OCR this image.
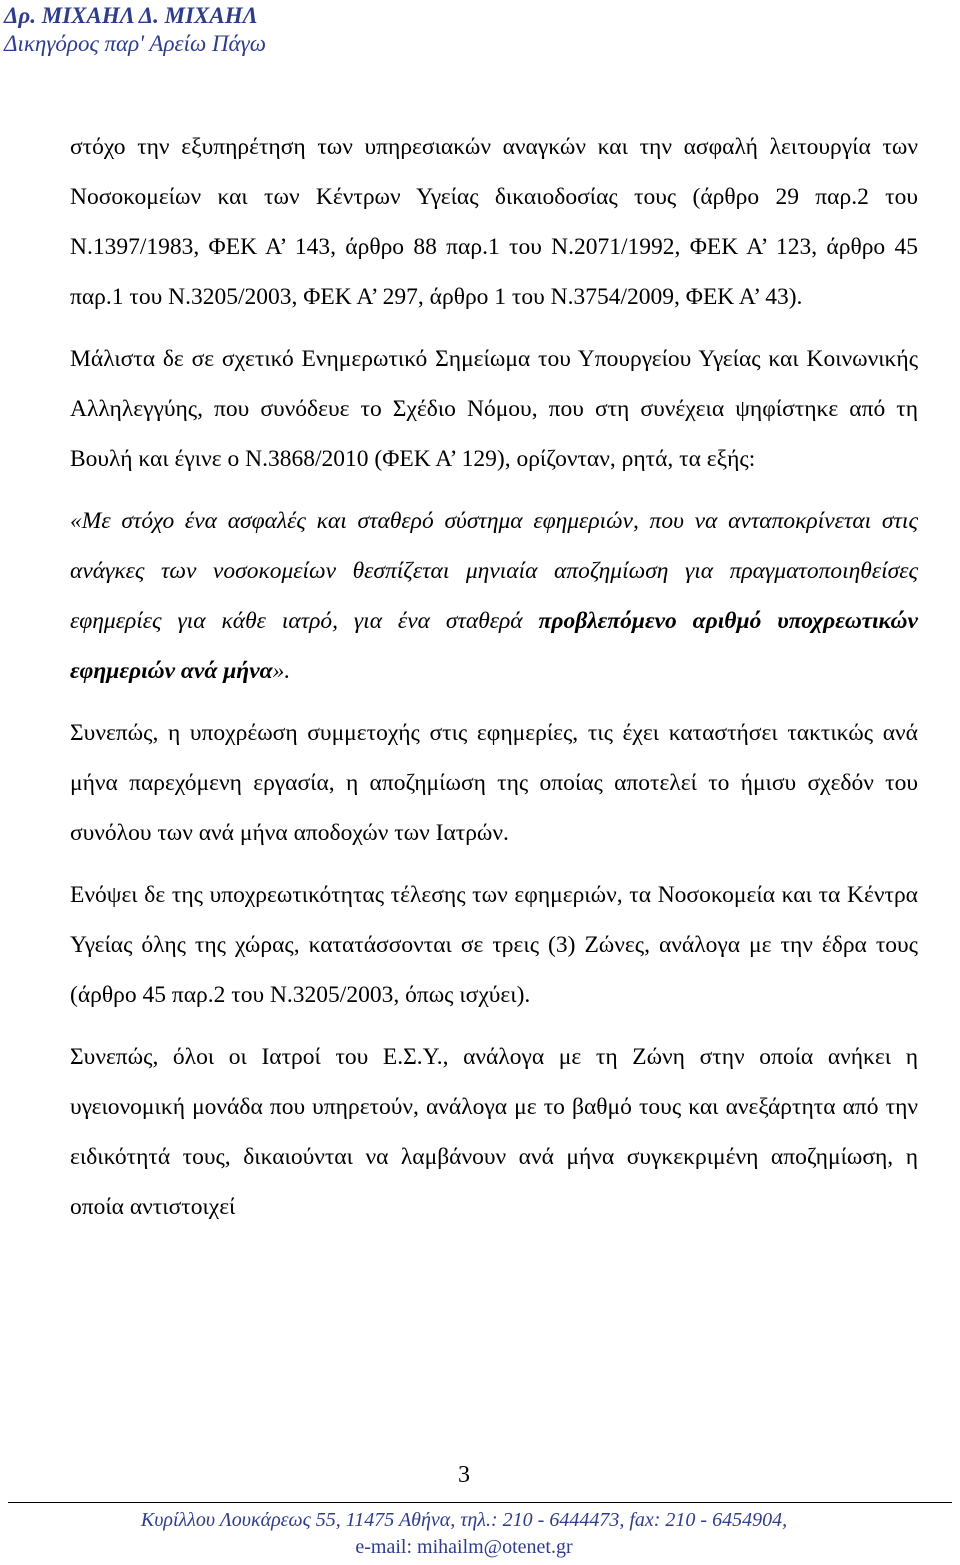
Δρ. ΜΙΧΑΗΛ Δ. ΜΙΧΑΗΛ
Δικηγόρος παρ' Αρείω Πάγω

στόχο την εξυπηρέτηση των υπηρεσιακών αναγκών και την ασφαλή λειτουργία των Νοσοκομείων και των Κέντρων Υγείας δικαιοδοσίας τους (άρθρο 29 παρ.2 του Ν.1397/1983, ΦΕΚ Α’ 143, άρθρο 88 παρ.1 του Ν.2071/1992, ΦΕΚ Α’ 123, άρθρο 45 παρ.1 του Ν.3205/2003, ΦΕΚ Α’ 297, άρθρο 1 του Ν.3754/2009, ΦΕΚ Α’ 43).

Μάλιστα δε σε σχετικό Ενημερωτικό Σημείωμα του Υπουργείου Υγείας και Κοινωνικής Αλληλεγγύης, που συνόδευε το Σχέδιο Νόμου, που στη συνέχεια ψηφίστηκε από τη Βουλή και έγινε ο Ν.3868/2010 (ΦΕΚ Α’ 129), ορίζονταν, ρητά, τα εξής:

«Με στόχο ένα ασφαλές και σταθερό σύστημα εφημεριών, που να ανταποκρίνεται στις ανάγκες των νοσοκομείων θεσπίζεται μηνιαία αποζημίωση για πραγματοποιηθείσες εφημερίες για κάθε ιατρό, για ένα σταθερά προβλεπόμενο αριθμό υποχρεωτικών εφημεριών ανά μήνα».

Συνεπώς, η υποχρέωση συμμετοχής στις εφημερίες, τις έχει καταστήσει τακτικώς ανά μήνα παρεχόμενη εργασία, η αποζημίωση της οποίας αποτελεί το ήμισυ σχεδόν του συνόλου των ανά μήνα αποδοχών των Ιατρών.

Ενόψει δε της υποχρεωτικότητας τέλεσης των εφημεριών, τα Νοσοκομεία και τα Κέντρα Υγείας όλης της χώρας, κατατάσσονται σε τρεις (3) Ζώνες, ανάλογα με την έδρα τους (άρθρο 45 παρ.2 του Ν.3205/2003, όπως ισχύει).

Συνεπώς, όλοι οι Ιατροί του Ε.Σ.Υ., ανάλογα με τη Ζώνη στην οποία ανήκει η υγειονομική μονάδα που υπηρετούν, ανάλογα με το βαθμό τους και ανεξάρτητα από την ειδικότητά τους, δικαιούνται να λαμβάνουν ανά μήνα συγκεκριμένη αποζημίωση, η οποία αντιστοιχεί

3
Κυρίλλου Λουκάρεως 55, 11475 Αθήνα, τηλ.: 210 - 6444473, fax: 210 - 6454904,
e-mail: mihailm@otenet.gr
